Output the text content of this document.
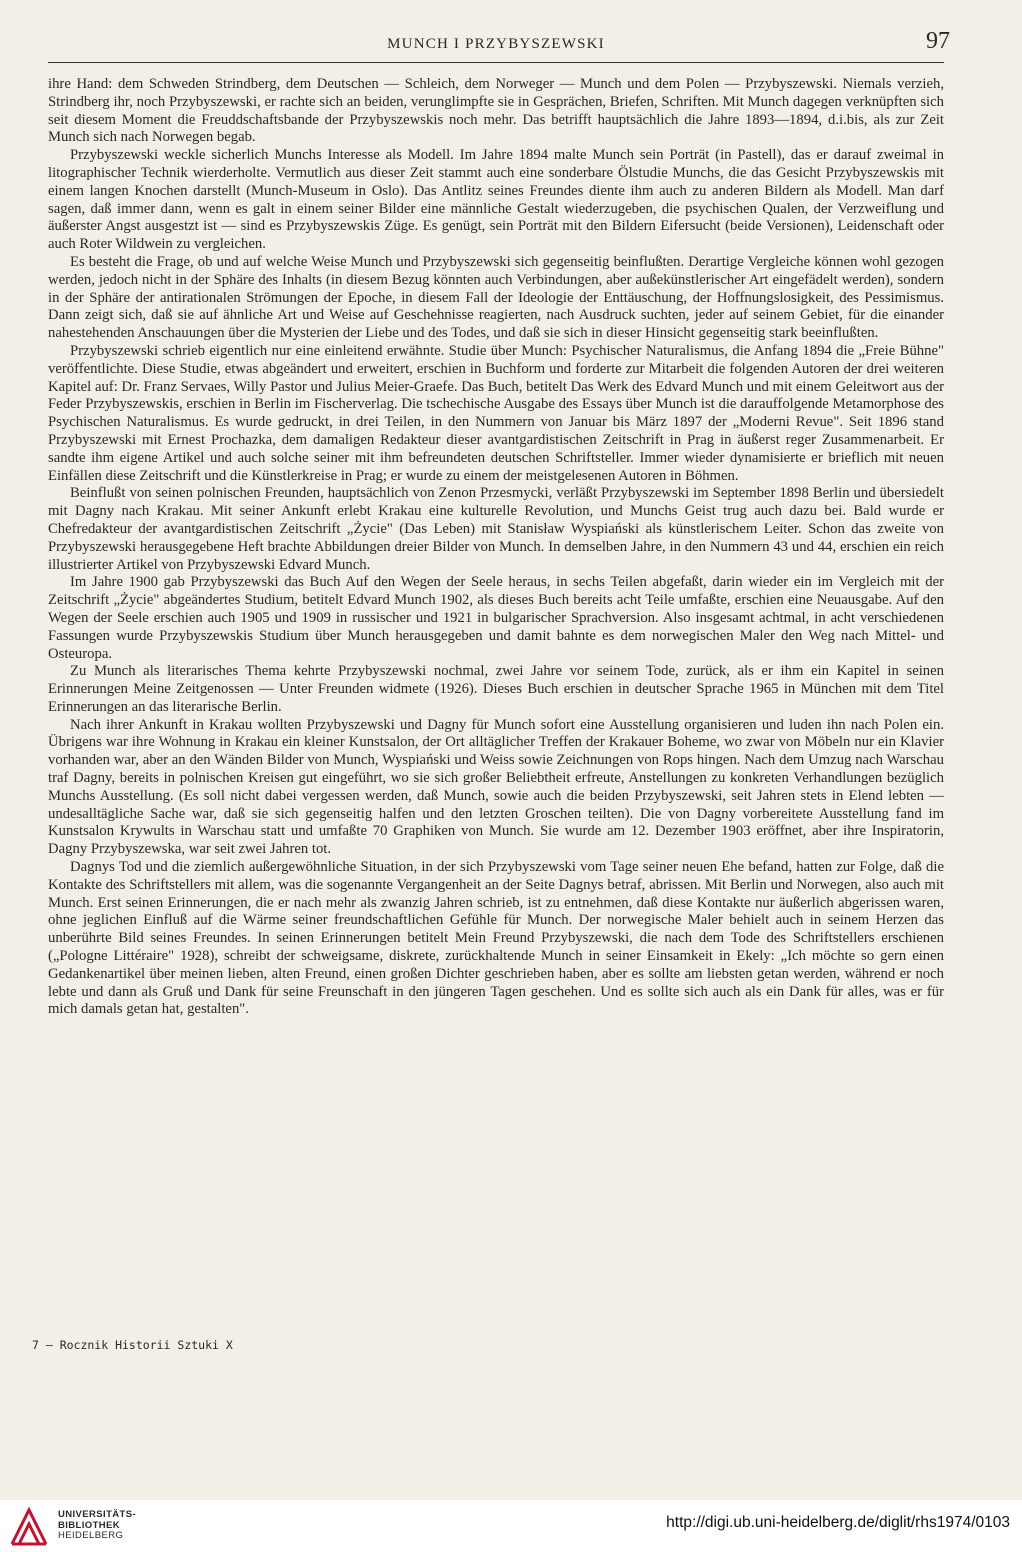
MUNCH I PRZYBYSZEWSKI	97

ihre Hand: dem Schweden Strindberg, dem Deutschen — Schleich, dem Norweger — Munch und dem Polen — Przybyszewski. Niemals verzieh, Strindberg ihr, noch Przybyszewski, er rachte sich an beiden, verunglimpfte sie in Gesprächen, Briefen, Schriften. Mit Munch dagegen verknüpften sich seit diesem Moment die Freuddschaftsbande der Przybyszewskis noch mehr. Das betrifft hauptsächlich die Jahre 1893—1894, d.i.bis, als zur Zeit Munch sich nach Norwegen begab.

Przybyszewski weckle sicherlich Munchs Interesse als Modell. Im Jahre 1894 malte Munch sein Porträt (in Pastell), das er darauf zweimal in litographischer Technik wierderholte. Vermutlich aus dieser Zeit stammt auch eine sonderbare Ölstudie Munchs, die das Gesicht Przybyszewskis mit einem langen Knochen darstellt (Munch-Museum in Oslo). Das Antlitz seines Freundes diente ihm auch zu anderen Bildern als Modell. Man darf sagen, daß immer dann, wenn es galt in einem seiner Bilder eine männliche Gestalt wiederzugeben, die psychischen Qualen, der Verzweiflung und äußerster Angst ausgestzt ist — sind es Przybyszewskis Züge. Es genügt, sein Porträt mit den Bildern Eifersucht (beide Versionen), Leidenschaft oder auch Roter Wildwein zu vergleichen.

Es besteht die Frage, ob und auf welche Weise Munch und Przybyszewski sich gegenseitig beinflußten. Derartige Vergleiche können wohl gezogen werden, jedoch nicht in der Sphäre des Inhalts (in diesem Bezug könnten auch Verbindungen, aber außekünstlerischer Art eingefädelt werden), sondern in der Sphäre der antirationalen Strömungen der Epoche, in diesem Fall der Ideologie der Enttäuschung, der Hoffnungslosigkeit, des Pessimismus. Dann zeigt sich, daß sie auf ähnliche Art und Weise auf Geschehnisse reagierten, nach Ausdruck suchten, jeder auf seinem Gebiet, für die einander nahestehenden Anschauungen über die Mysterien der Liebe und des Todes, und daß sie sich in dieser Hinsicht gegenseitig stark beeinflußten.

Przybyszewski schrieb eigentlich nur eine einleitend erwähnte. Studie über Munch: Psychischer Naturalismus, die Anfang 1894 die „Freie Bühne" veröffentlichte. Diese Studie, etwas abgeändert und erweitert, erschien in Buchform und forderte zur Mitarbeit die folgenden Autoren der drei weiteren Kapitel auf: Dr. Franz Servaes, Willy Pastor und Julius Meier-Graefe. Das Buch, betitelt Das Werk des Edvard Munch und mit einem Geleitwort aus der Feder Przybyszewskis, erschien in Berlin im Fischerverlag. Die tschechische Ausgabe des Essays über Munch ist die darauffolgende Metamorphose des Psychischen Naturalismus. Es wurde gedruckt, in drei Teilen, in den Nummern von Januar bis März 1897 der „Moderni Revue". Seit 1896 stand Przybyszewski mit Ernest Prochazka, dem damaligen Redakteur dieser avantgardistischen Zeitschrift in Prag in äußerst reger Zusammenarbeit. Er sandte ihm eigene Artikel und auch solche seiner mit ihm befreundeten deutschen Schriftsteller. Immer wieder dynamisierte er brieflich mit neuen Einfällen diese Zeitschrift und die Künstlerkreise in Prag; er wurde zu einem der meistgelesenen Autoren in Böhmen.

Beinflußt von seinen polnischen Freunden, hauptsächlich von Zenon Przesmycki, verläßt Przybyszewski im September 1898 Berlin und übersiedelt mit Dagny nach Krakau. Mit seiner Ankunft erlebt Krakau eine kulturelle Revolution, und Munchs Geist trug auch dazu bei. Bald wurde er Chefredakteur der avantgardistischen Zeitschrift „Życie" (Das Leben) mit Stanisław Wyspiański als künstlerischem Leiter. Schon das zweite von Przybyszewski herausgegebene Heft brachte Abbildungen dreier Bilder von Munch. In demselben Jahre, in den Nummern 43 und 44, erschien ein reich illustrierter Artikel von Przybyszewski Edvard Munch.

Im Jahre 1900 gab Przybyszewski das Buch Auf den Wegen der Seele heraus, in sechs Teilen abgefaßt, darin wieder ein im Vergleich mit der Zeitschrift „Życie" abgeändertes Studium, betitelt Edvard Munch 1902, als dieses Buch bereits acht Teile umfaßte, erschien eine Neuausgabe. Auf den Wegen der Seele erschien auch 1905 und 1909 in russischer und 1921 in bulgarischer Sprachversion. Also insgesamt achtmal, in acht verschiedenen Fassungen wurde Przybyszewskis Studium über Munch herausgegeben und damit bahnte es dem norwegischen Maler den Weg nach Mittel- und Osteuropa.

Zu Munch als literarisches Thema kehrte Przybyszewski nochmal, zwei Jahre vor seinem Tode, zurück, als er ihm ein Kapitel in seinen Erinnerungen Meine Zeitgenossen — Unter Freunden widmete (1926). Dieses Buch erschien in deutscher Sprache 1965 in München mit dem Titel Erinnerungen an das literarische Berlin.

Nach ihrer Ankunft in Krakau wollten Przybyszewski und Dagny für Munch sofort eine Ausstellung organisieren und luden ihn nach Polen ein. Übrigens war ihre Wohnung in Krakau ein kleiner Kunstsalon, der Ort alltäglicher Treffen der Krakauer Boheme, wo zwar von Möbeln nur ein Klavier vorhanden war, aber an den Wänden Bilder von Munch, Wyspiański und Weiss sowie Zeichnungen von Rops hingen. Nach dem Umzug nach Warschau traf Dagny, bereits in polnischen Kreisen gut eingeführt, wo sie sich großer Beliebtheit erfreute, Anstellungen zu konkreten Verhandlungen bezüglich Munchs Ausstellung. (Es soll nicht dabei vergessen werden, daß Munch, sowie auch die beiden Przybyszewski, seit Jahren stets in Elend lebten — undesalltägliche Sache war, daß sie sich gegenseitig halfen und den letzten Groschen teilten). Die von Dagny vorbereitete Ausstellung fand im Kunstsalon Krywults in Warschau statt und umfaßte 70 Graphiken von Munch. Sie wurde am 12. Dezember 1903 eröffnet, aber ihre Inspiratorin, Dagny Przybyszewska, war seit zwei Jahren tot.

Dagnys Tod und die ziemlich außergewöhnliche Situation, in der sich Przybyszewski vom Tage seiner neuen Ehe befand, hatten zur Folge, daß die Kontakte des Schriftstellers mit allem, was die sogenannte Vergangenheit an der Seite Dagnys betraf, abrissen. Mit Berlin und Norwegen, also auch mit Munch. Erst seinen Erinnerungen, die er nach mehr als zwanzig Jahren schrieb, ist zu entnehmen, daß diese Kontakte nur äußerlich abgerissen waren, ohne jeglichen Einfluß auf die Wärme seiner freundschaftlichen Gefühle für Munch. Der norwegische Maler behielt auch in seinem Herzen das unberührte Bild seines Freundes. In seinen Erinnerungen betitelt Mein Freund Przybyszewski, die nach dem Tode des Schriftstellers erschienen („Pologne Littéraire" 1928), schreibt der schweigsame, diskrete, zurückhaltende Munch in seiner Einsamkeit in Ekely: „Ich möchte so gern einen Gedankenartikel über meinen lieben, alten Freund, einen großen Dichter geschrieben haben, aber es sollte am liebsten getan werden, während er noch lebte und dann als Gruß und Dank für seine Freunschaft in den jüngeren Tagen geschehen. Und es sollte sich auch als ein Dank für alles, was er für mich damals getan hat, gestalten".

7 — Rocznik Historii Sztuki X
UNIVERSITÄTS-
BIBLIOTHEK
HEIDELBERG
http://digi.ub.uni-heidelberg.de/diglit/rhs1974/0103
